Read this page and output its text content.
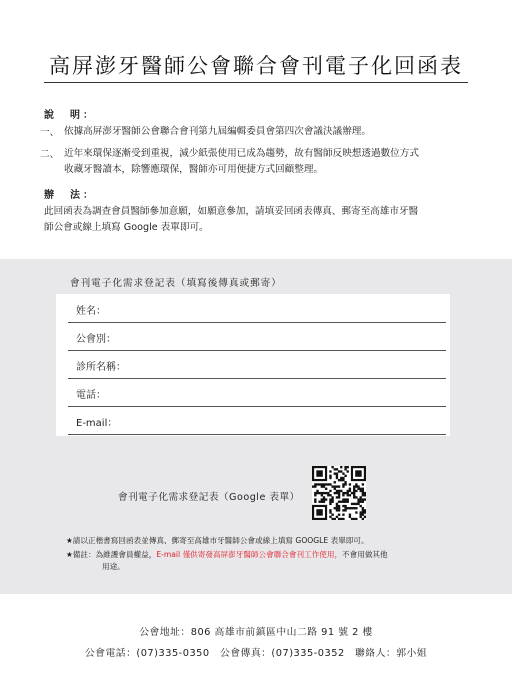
高屏澎牙醫師公會聯合會刊電子化回函表
說　明：
一、 依據高屏澎牙醫師公會聯合會刊第九屆編輯委員會第四次會議決議辦理。
二、 近年來環保逐漸受到重視，減少紙張使用已成為趨勢，故有醫師反映想透過數位方式
收藏牙醫讀本，除響應環保，醫師亦可用便捷方式回顧整理。
辦　法：
此回函表為調查會員醫師參加意願，如願意參加，請填妥回函表傳真、郵寄至高雄市牙醫
師公會或線上填寫 Google 表單即可。
會刊電子化需求登記表（填寫後傳真或郵寄）
姓名：
公會別：
診所名稱：
電話：
E-mail：
會刊電子化需求登記表（Google 表單）
★請以正楷書寫回函表並傳真、郵寄至高雄市牙醫師公會或線上填寫 GOOGLE 表單即可。
★備註：為維護會員權益，E-mail 僅供寄發高屏澎牙醫師公會聯合會刊工作使用，不會用做其他
用途。
公會地址：806 高雄市前鎮區中山二路 91 號 2 樓
公會電話：(07)335-0350　公會傳真：(07)335-0352　聯絡人：郭小姐
